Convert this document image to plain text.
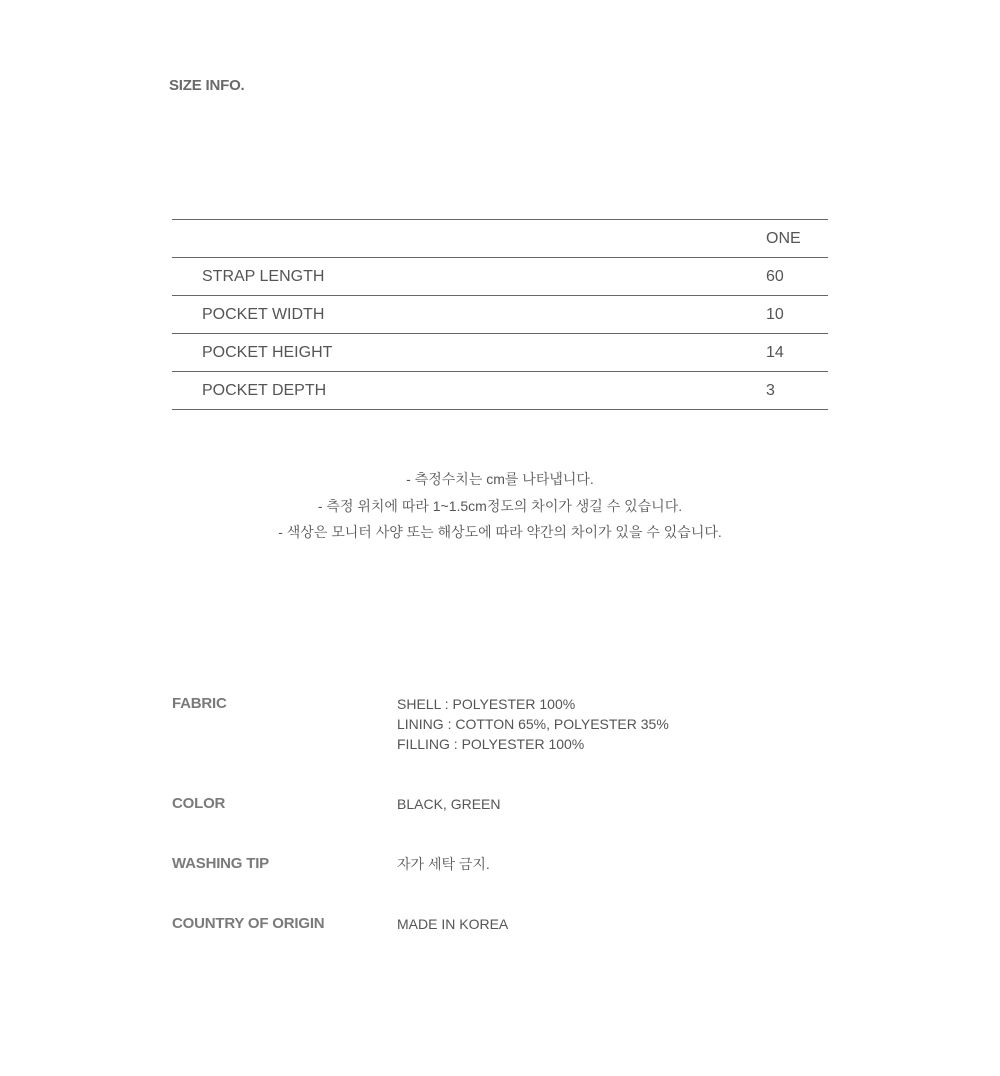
SIZE INFO.
	ONE
STRAP LENGTH	60
POCKET WIDTH	10
POCKET HEIGHT	14
POCKET DEPTH	3
- 측정수치는 cm를 나타냅니다.
- 측정 위치에 따라 1~1.5cm정도의 차이가 생길 수 있습니다.
- 색상은 모니터 사양 또는 해상도에 따라 약간의 차이가 있을 수 있습니다.
FABRIC	SHELL : POLYESTER 100%
LINING : COTTON 65%, POLYESTER 35%
FILLING : POLYESTER 100%
COLOR	BLACK, GREEN
WASHING TIP	자가 세탁 금지.
COUNTRY OF ORIGIN	MADE IN KOREA
